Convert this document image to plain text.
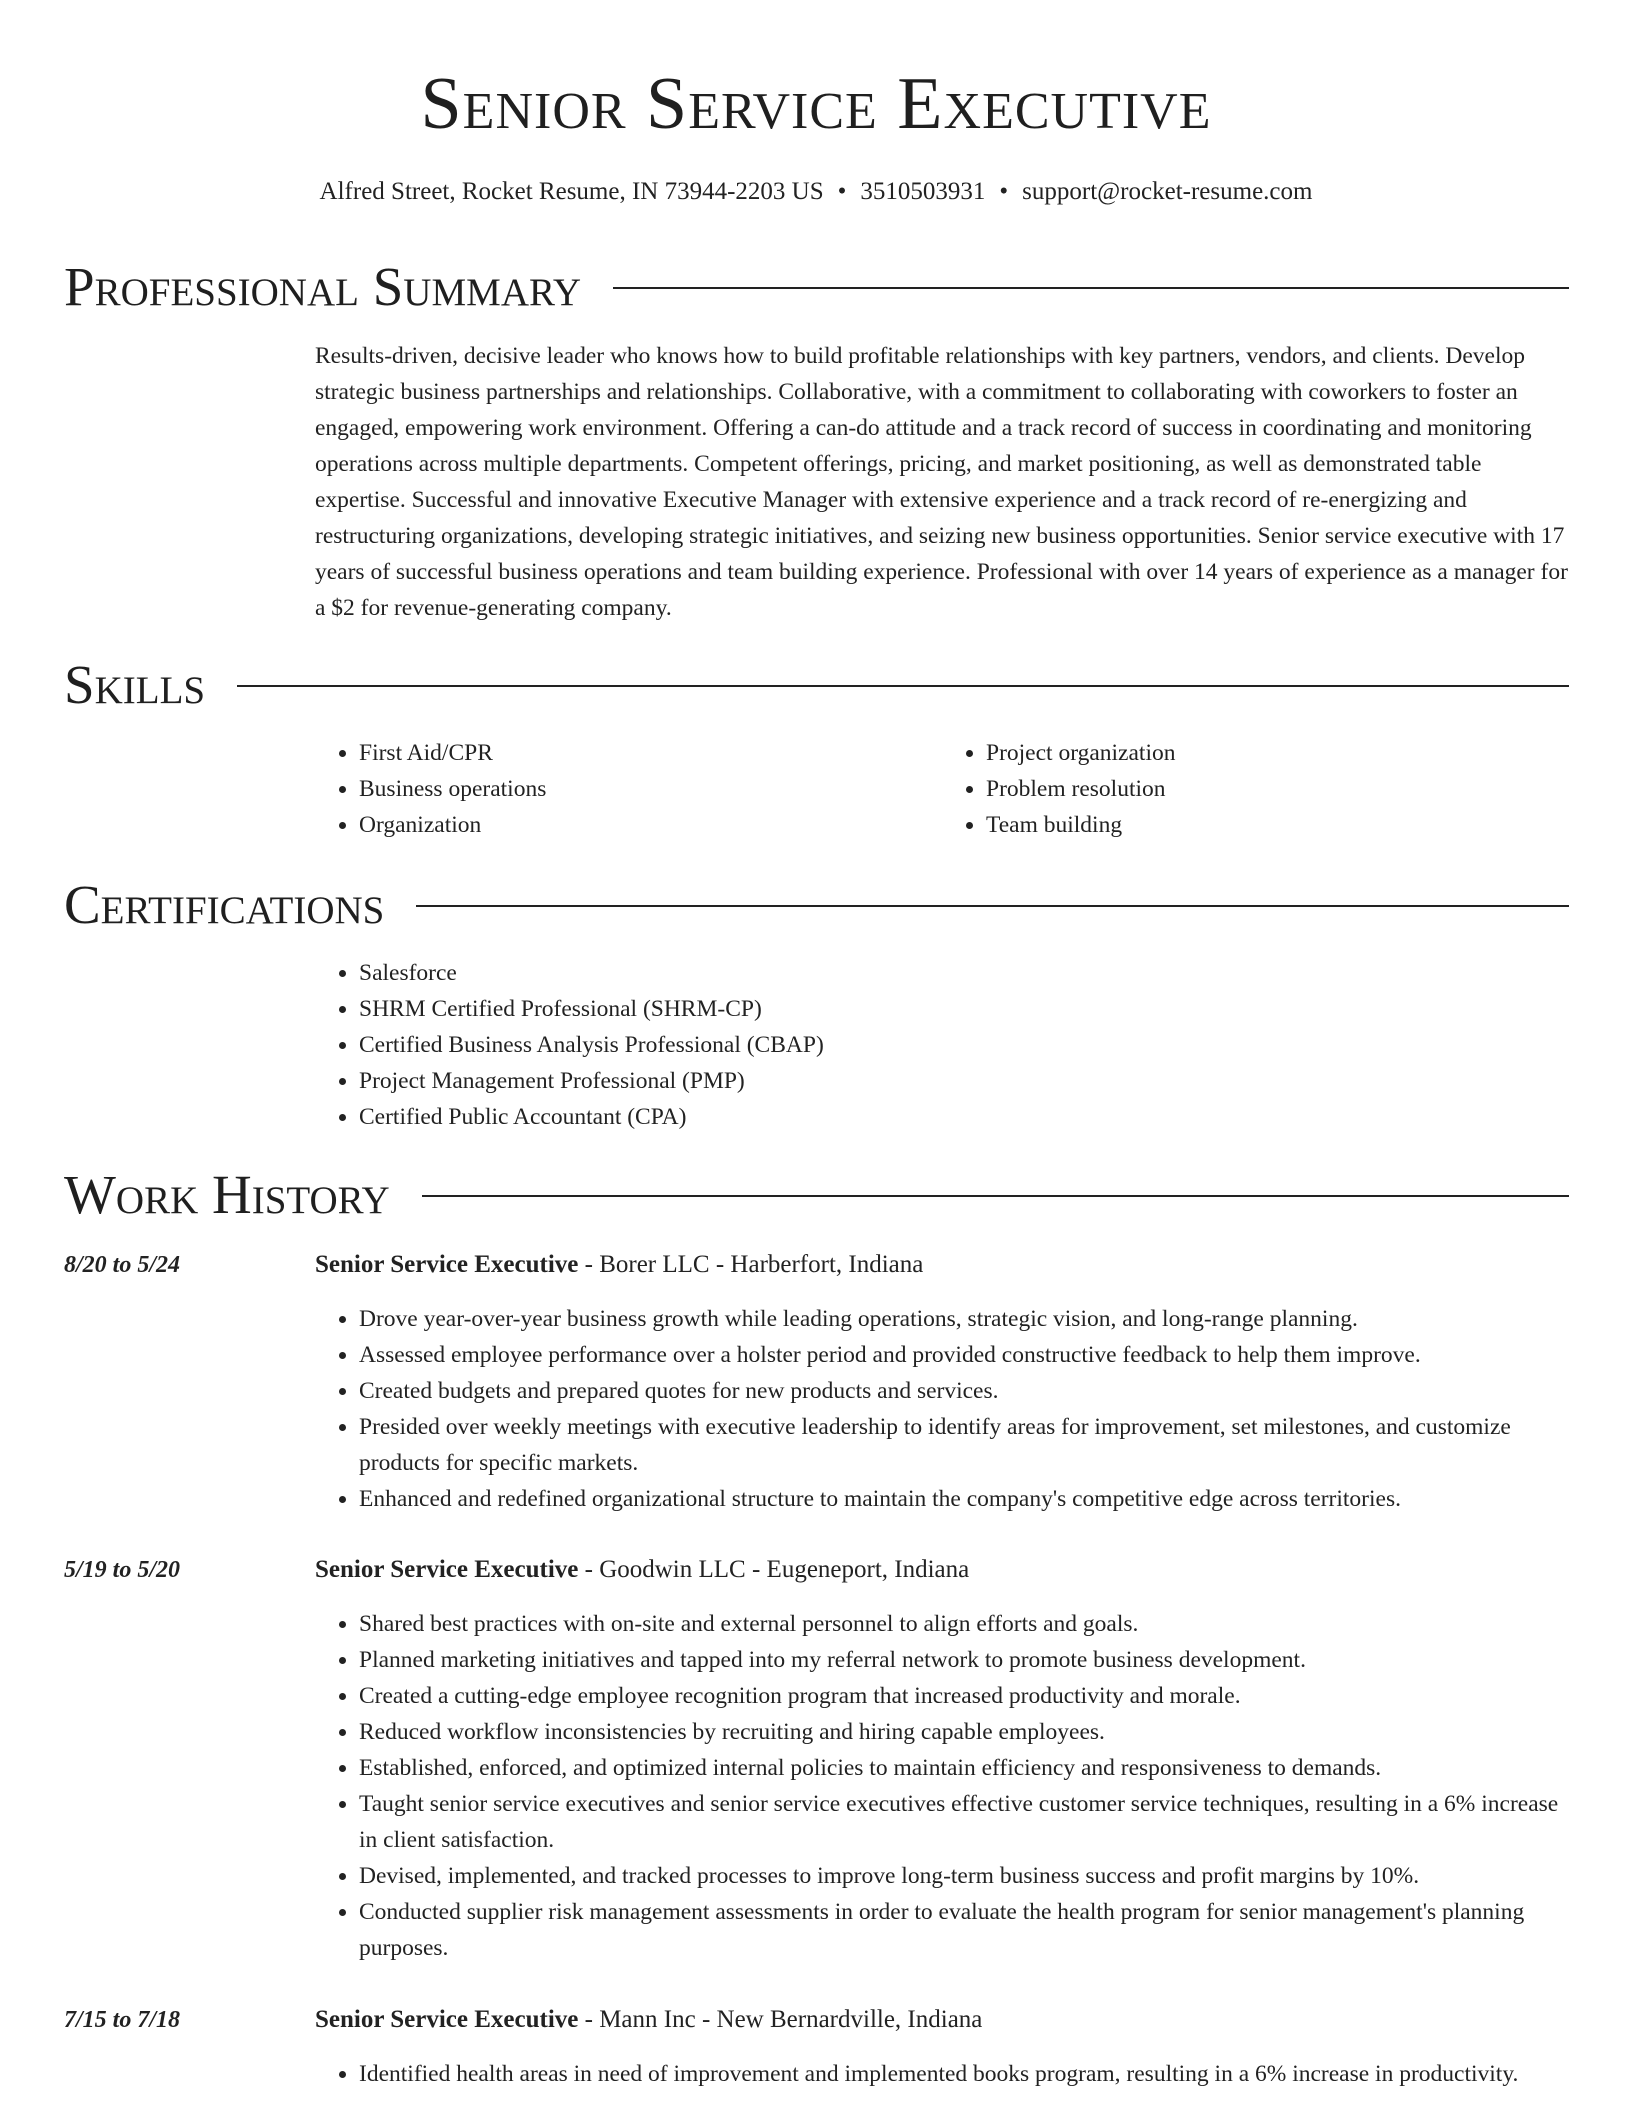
Senior Service Executive
Alfred Street, Rocket Resume, IN 73944-2203 US • 3510503931 • support@rocket-resume.com
Professional Summary

Results-driven, decisive leader who knows how to build profitable relationships with key partners, vendors, and clients. Develop strategic business partnerships and relationships. Collaborative, with a commitment to collaborating with coworkers to foster an engaged, empowering work environment. Offering a can-do attitude and a track record of success in coordinating and monitoring operations across multiple departments. Competent offerings, pricing, and market positioning, as well as demonstrated table expertise. Successful and innovative Executive Manager with extensive experience and a track record of re-energizing and restructuring organizations, developing strategic initiatives, and seizing new business opportunities. Senior service executive with 17 years of successful business operations and team building experience. Professional with over 14 years of experience as a manager for a $2 for revenue-generating company.

Skills
• First Aid/CPR
• Business operations
• Organization
• Project organization
• Problem resolution
• Team building
Certifications
• Salesforce
• SHRM Certified Professional (SHRM-CP)
• Certified Business Analysis Professional (CBAP)
• Project Management Professional (PMP)
• Certified Public Accountant (CPA)
Work History
8/20 to 5/24	Senior Service Executive - Borer LLC - Harberfort, Indiana
• Drove year-over-year business growth while leading operations, strategic vision, and long-range planning.
• Assessed employee performance over a holster period and provided constructive feedback to help them improve.
• Created budgets and prepared quotes for new products and services.
• Presided over weekly meetings with executive leadership to identify areas for improvement, set milestones, and customize products for specific markets.
• Enhanced and redefined organizational structure to maintain the company's competitive edge across territories.
5/19 to 5/20	Senior Service Executive - Goodwin LLC - Eugeneport, Indiana
• Shared best practices with on-site and external personnel to align efforts and goals.
• Planned marketing initiatives and tapped into my referral network to promote business development.
• Created a cutting-edge employee recognition program that increased productivity and morale.
• Reduced workflow inconsistencies by recruiting and hiring capable employees.
• Established, enforced, and optimized internal policies to maintain efficiency and responsiveness to demands.
• Taught senior service executives and senior service executives effective customer service techniques, resulting in a 6% increase in client satisfaction.
• Devised, implemented, and tracked processes to improve long-term business success and profit margins by 10%.
• Conducted supplier risk management assessments in order to evaluate the health program for senior management's planning purposes.
7/15 to 7/18	Senior Service Executive - Mann Inc - New Bernardville, Indiana
• Identified health areas in need of improvement and implemented books program, resulting in a 6% increase in productivity.
